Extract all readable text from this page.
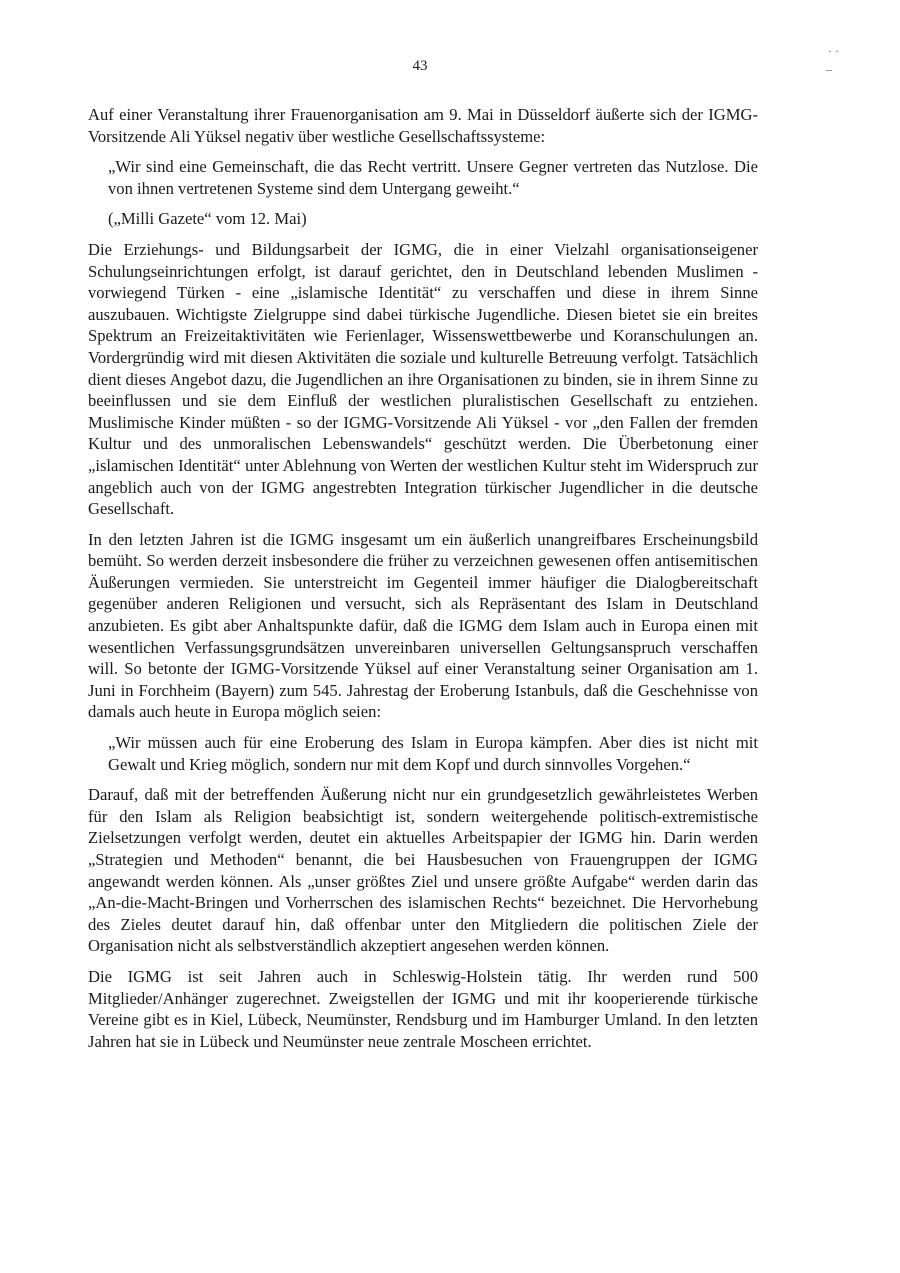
43
· ·
–

Auf einer Veranstaltung ihrer Frauenorganisation am 9. Mai in Düsseldorf äußerte sich der IGMG-Vorsitzende Ali Yüksel negativ über westliche Gesellschaftssysteme:

„Wir sind eine Gemeinschaft, die das Recht vertritt. Unsere Gegner vertreten das Nutzlose. Die von ihnen vertretenen Systeme sind dem Untergang geweiht.“

(„Milli Gazete“ vom 12. Mai)

Die Erziehungs- und Bildungsarbeit der IGMG, die in einer Vielzahl organisationseigener Schulungseinrichtungen erfolgt, ist darauf gerichtet, den in Deutschland lebenden Muslimen - vorwiegend Türken - eine „islamische Identität“ zu verschaffen und diese in ihrem Sinne auszubauen. Wichtigste Zielgruppe sind dabei türkische Jugendliche. Diesen bietet sie ein breites Spektrum an Freizeitaktivitäten wie Ferienlager, Wissenswettbewerbe und Koranschulungen an. Vordergründig wird mit diesen Aktivitäten die soziale und kulturelle Betreuung verfolgt. Tatsächlich dient dieses Angebot dazu, die Jugendlichen an ihre Organisationen zu binden, sie in ihrem Sinne zu beeinflussen und sie dem Einfluß der westlichen pluralistischen Gesellschaft zu entziehen. Muslimische Kinder müßten - so der IGMG-Vorsitzende Ali Yüksel - vor „den Fallen der fremden Kultur und des unmoralischen Lebenswandels“ geschützt werden. Die Überbetonung einer „islamischen Identität“ unter Ablehnung von Werten der westlichen Kultur steht im Widerspruch zur angeblich auch von der IGMG angestrebten Integration türkischer Jugendlicher in die deutsche Gesellschaft.

In den letzten Jahren ist die IGMG insgesamt um ein äußerlich unangreifbares Erscheinungsbild bemüht. So werden derzeit insbesondere die früher zu verzeichnen gewesenen offen antisemitischen Äußerungen vermieden. Sie unterstreicht im Gegenteil immer häufiger die Dialogbereitschaft gegenüber anderen Religionen und versucht, sich als Repräsentant des Islam in Deutschland anzubieten. Es gibt aber Anhaltspunkte dafür, daß die IGMG dem Islam auch in Europa einen mit wesentlichen Verfassungsgrundsätzen unvereinbaren universellen Geltungsanspruch verschaffen will. So betonte der IGMG-Vorsitzende Yüksel auf einer Veranstaltung seiner Organisation am 1. Juni in Forchheim (Bayern) zum 545. Jahrestag der Eroberung Istanbuls, daß die Geschehnisse von damals auch heute in Europa möglich seien:

„Wir müssen auch für eine Eroberung des Islam in Europa kämpfen. Aber dies ist nicht mit Gewalt und Krieg möglich, sondern nur mit dem Kopf und durch sinnvolles Vorgehen.“

Darauf, daß mit der betreffenden Äußerung nicht nur ein grundgesetzlich gewährleistetes Werben für den Islam als Religion beabsichtigt ist, sondern weitergehende politisch-extremistische Zielsetzungen verfolgt werden, deutet ein aktuelles Arbeitspapier der IGMG hin. Darin werden „Strategien und Methoden“ benannt, die bei Hausbesuchen von Frauengruppen der IGMG angewandt werden können. Als „unser größtes Ziel und unsere größte Aufgabe“ werden darin das „An-die-Macht-Bringen und Vorherrschen des islamischen Rechts“ bezeichnet. Die Hervorhebung des Zieles deutet darauf hin, daß offenbar unter den Mitgliedern die politischen Ziele der Organisation nicht als selbstverständlich akzeptiert angesehen werden können.

Die IGMG ist seit Jahren auch in Schleswig-Holstein tätig. Ihr werden rund 500 Mitglieder/Anhänger zugerechnet. Zweigstellen der IGMG und mit ihr kooperierende türkische Vereine gibt es in Kiel, Lübeck, Neumünster, Rendsburg und im Hamburger Umland. In den letzten Jahren hat sie in Lübeck und Neumünster neue zentrale Moscheen errichtet.
